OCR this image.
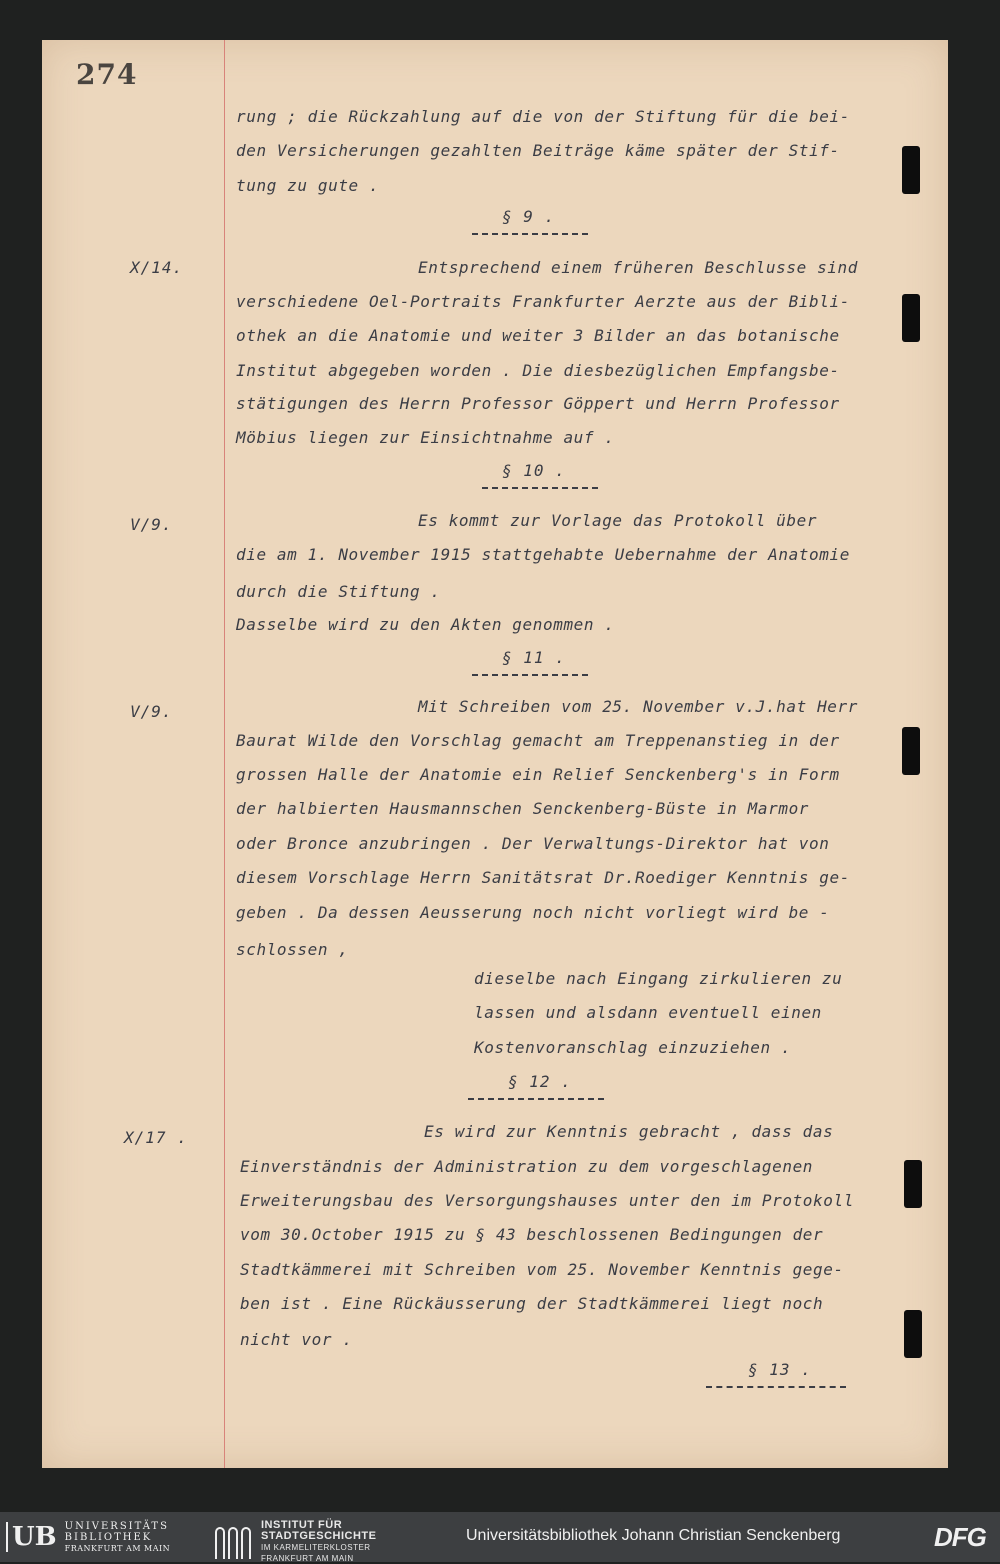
274
X/14.
V/9.
V/9.
X/17 .
rung ; die Rückzahlung auf die von der Stiftung für die bei-
den Versicherungen gezahlten Beiträge käme später der Stif-
tung zu gute .
§ 9 .
Entsprechend einem früheren Beschlusse sind
verschiedene Oel-Portraits Frankfurter Aerzte aus der Bibli-
othek an die Anatomie und weiter 3 Bilder an das botanische
Institut abgegeben worden . Die diesbezüglichen Empfangsbe-
stätigungen des Herrn Professor Göppert und Herrn Professor
Möbius liegen zur Einsichtnahme auf .
§ 10 .
Es kommt zur Vorlage das Protokoll über
die am 1. November 1915 stattgehabte Uebernahme der Anatomie
durch die Stiftung .
Dasselbe wird zu den Akten genommen .
§ 11 .
Mit Schreiben vom 25. November v.J.hat Herr
Baurat Wilde den Vorschlag gemacht am Treppenanstieg in der
grossen Halle der Anatomie ein Relief Senckenberg's in Form
der halbierten Hausmannschen Senckenberg-Büste in Marmor
oder Bronce anzubringen . Der Verwaltungs-Direktor hat von
diesem Vorschlage Herrn Sanitätsrat Dr.Roediger Kenntnis ge-
geben . Da dessen Aeusserung noch nicht vorliegt wird be -
schlossen ,
dieselbe nach Eingang zirkulieren zu
lassen und alsdann eventuell einen
Kostenvoranschlag einzuziehen .
§ 12 .
Es wird zur Kenntnis gebracht , dass das
Einverständnis der Administration zu dem vorgeschlagenen
Erweiterungsbau des Versorgungshauses unter den im Protokoll
vom 30.October 1915 zu § 43 beschlossenen Bedingungen der
Stadtkämmerei mit Schreiben vom 25. November Kenntnis gege-
ben ist . Eine Rückäusserung der Stadtkämmerei liegt noch
nicht vor .
§ 13 .
UB UNIVERSITÄTS
BIBLIOTHEK
FRANKFURT AM MAIN
INSTITUT FÜR
STADTGESCHICHTE
IM KARMELITERKLOSTER
FRANKFURT AM MAIN
Universitätsbibliothek Johann Christian Senckenberg	DFG
